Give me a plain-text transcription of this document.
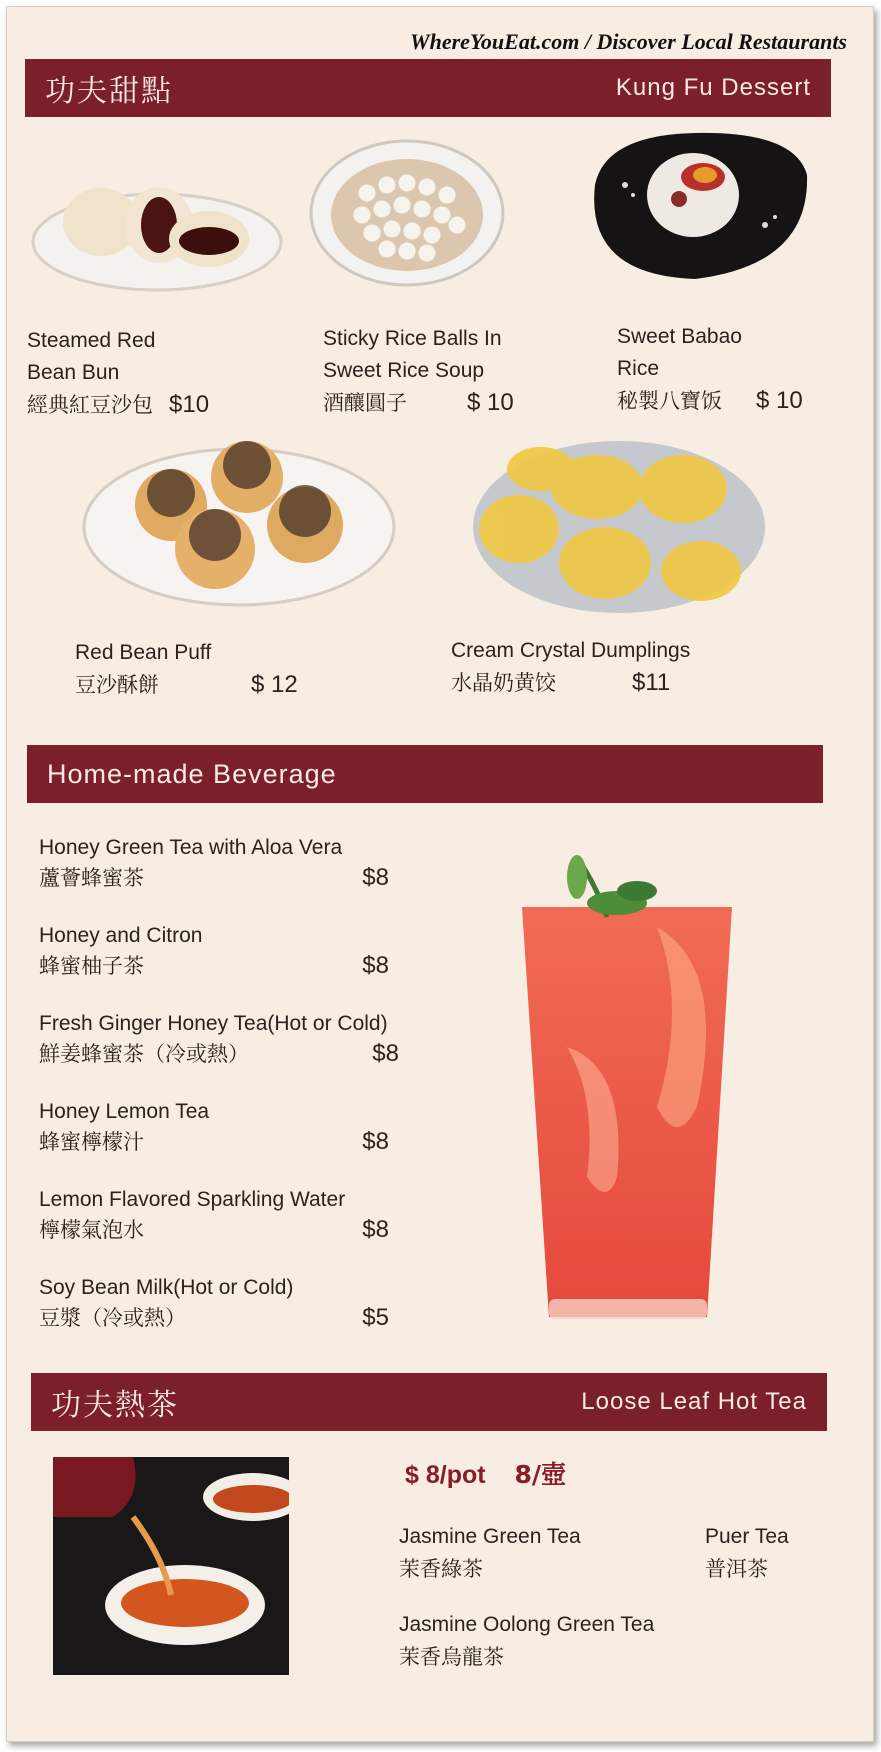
WhereYouEat.com / Discover Local Restaurants
功夫甜點	Kung Fu Dessert
Steamed Red
Bean Bun
經典紅豆沙包 $10
Sticky Rice Balls In
Sweet Rice Soup
酒釀圓子	$ 10
Sweet Babao
Rice
秘製八寶饭 $ 10
Red Bean Puff
豆沙酥餅	$ 12
Cream Crystal Dumplings
水晶奶黄饺	$11
Home-made Beverage
Honey Green Tea with Aloa Vera
蘆薈蜂蜜茶	$8
Honey and Citron
蜂蜜柚子茶	$8
Fresh Ginger Honey Tea(Hot or Cold)
鮮姜蜂蜜茶（冷或熱）	$8
Honey Lemon Tea
蜂蜜檸檬汁	$8
Lemon Flavored Sparkling Water
檸檬氣泡水	$8
Soy Bean Milk(Hot or Cold)
豆漿（冷或熱）	$5
功夫熱茶	Loose Leaf Hot Tea
$ 8/pot 8/壺
Jasmine Green Tea
茉香綠茶
Puer Tea
普洱茶
Jasmine Oolong Green Tea
茉香烏龍茶
